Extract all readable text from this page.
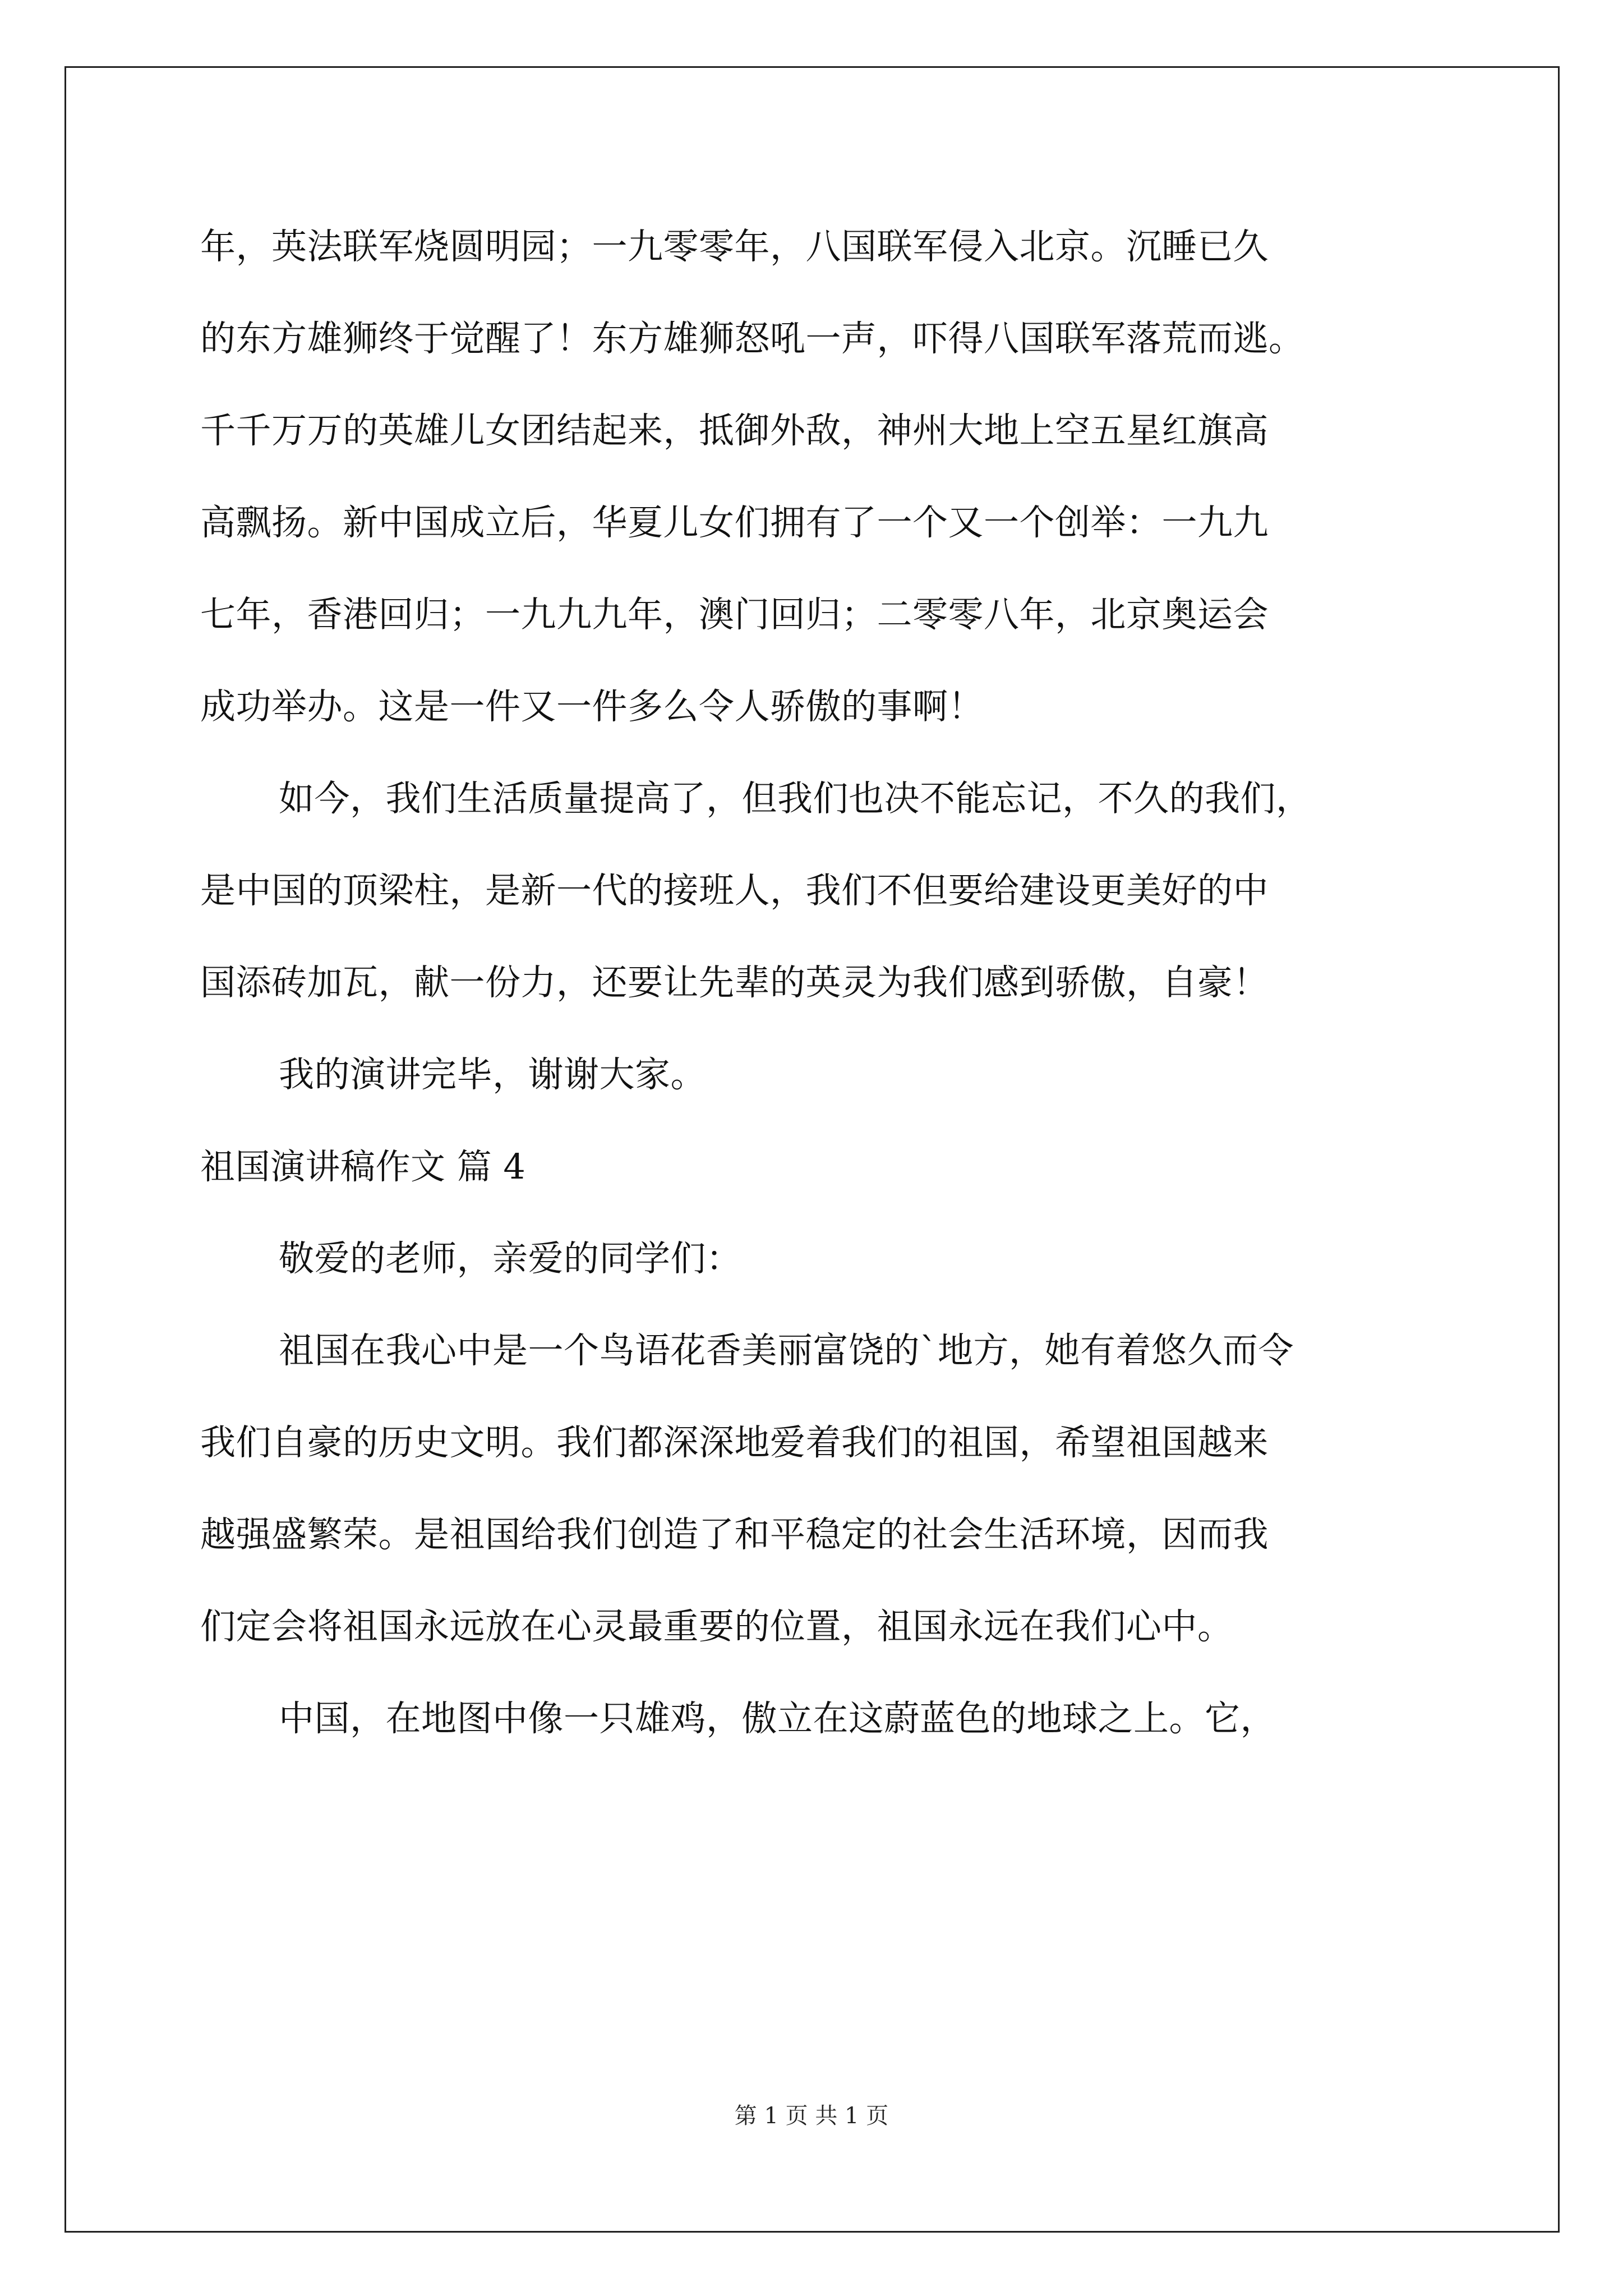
年，英法联军烧圆明园；一九零零年，八国联军侵入北京。沉睡已久
的东方雄狮终于觉醒了！东方雄狮怒吼一声，吓得八国联军落荒而逃。
千千万万的英雄儿女团结起来，抵御外敌，神州大地上空五星红旗高
高飘扬。新中国成立后，华夏儿女们拥有了一个又一个创举：一九九
七年，香港回归；一九九九年，澳门回归；二零零八年，北京奥运会
成功举办。这是一件又一件多么令人骄傲的事啊！
如今，我们生活质量提高了，但我们也决不能忘记，不久的我们，
是中国的顶梁柱，是新一代的接班人，我们不但要给建设更美好的中
国添砖加瓦，献一份力，还要让先辈的英灵为我们感到骄傲，自豪！
我的演讲完毕，谢谢大家。
祖国演讲稿作文 篇 4
敬爱的老师，亲爱的同学们：
祖国在我心中是一个鸟语花香美丽富饶的`地方，她有着悠久而令
我们自豪的历史文明。我们都深深地爱着我们的祖国，希望祖国越来
越强盛繁荣。是祖国给我们创造了和平稳定的社会生活环境，因而我
们定会将祖国永远放在心灵最重要的位置，祖国永远在我们心中。
中国，在地图中像一只雄鸡，傲立在这蔚蓝色的地球之上。它，
第 1 页 共 1 页
